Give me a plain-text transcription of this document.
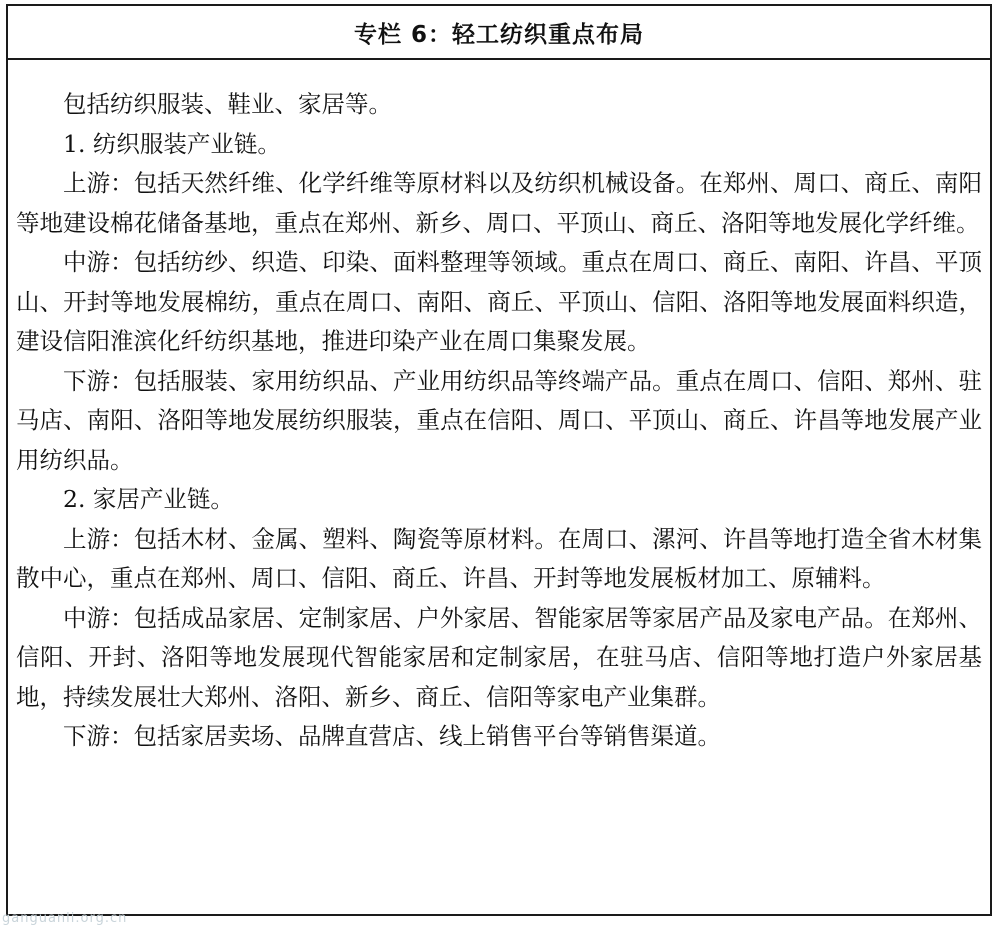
专栏 6：轻工纺织重点布局

包括纺织服装、鞋业、家居等。

1. 纺织服装产业链。

上游：包括天然纤维、化学纤维等原材料以及纺织机械设备。在郑州、周口、商丘、南阳等地建设棉花储备基地，重点在郑州、新乡、周口、平顶山、商丘、洛阳等地发展化学纤维。

中游：包括纺纱、织造、印染、面料整理等领域。重点在周口、商丘、南阳、许昌、平顶山、开封等地发展棉纺，重点在周口、南阳、商丘、平顶山、信阳、洛阳等地发展面料织造，建设信阳淮滨化纤纺织基地，推进印染产业在周口集聚发展。

下游：包括服装、家用纺织品、产业用纺织品等终端产品。重点在周口、信阳、郑州、驻马店、南阳、洛阳等地发展纺织服装，重点在信阳、周口、平顶山、商丘、许昌等地发展产业用纺织品。

2. 家居产业链。

上游：包括木材、金属、塑料、陶瓷等原材料。在周口、漯河、许昌等地打造全省木材集散中心，重点在郑州、周口、信阳、商丘、许昌、开封等地发展板材加工、原辅料。

中游：包括成品家居、定制家居、户外家居、智能家居等家居产品及家电产品。在郑州、信阳、开封、洛阳等地发展现代智能家居和定制家居，在驻马店、信阳等地打造户外家居基地，持续发展壮大郑州、洛阳、新乡、商丘、信阳等家电产业集群。

下游：包括家居卖场、品牌直营店、线上销售平台等销售渠道。

ganguanli.org.cn
